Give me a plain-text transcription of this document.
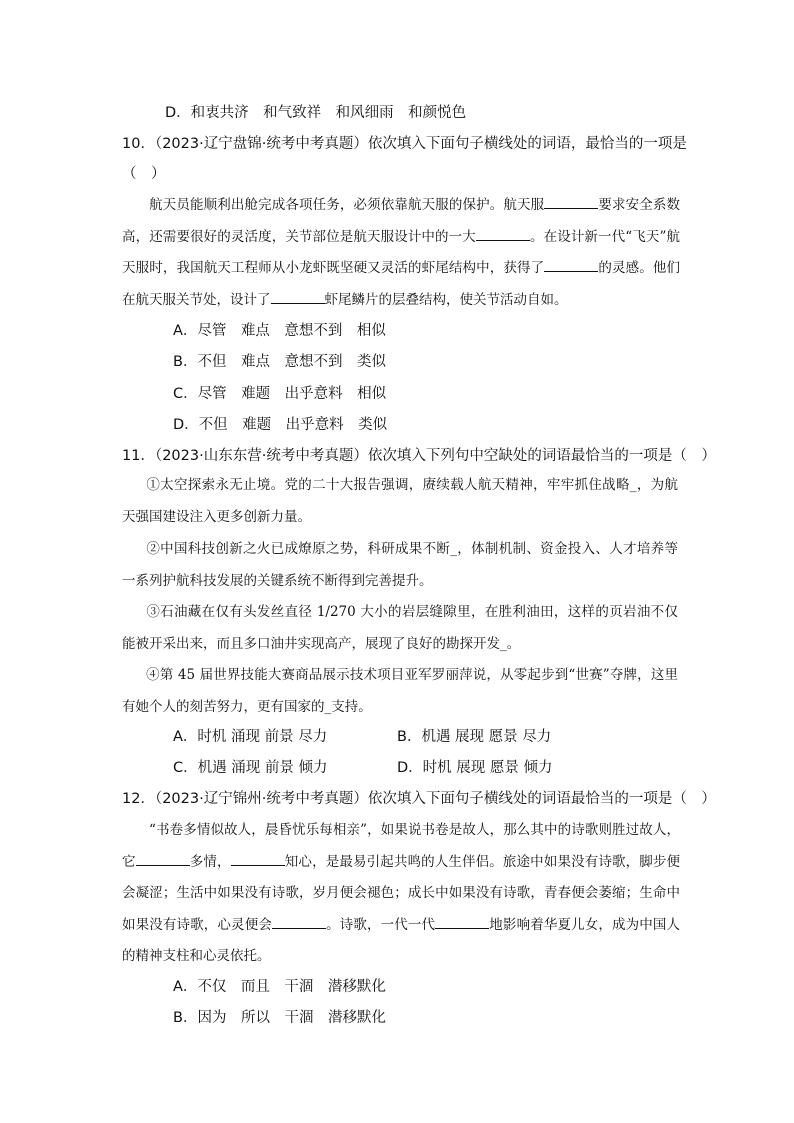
D．和衷共济　和气致祥　和风细雨　和颜悦色
10．（2023·辽宁盘锦·统考中考真题）依次填入下面句子横线处的词语，最恰当的一项是
（　）
航天员能顺利出舱完成各项任务，必须依靠航天服的保护。航天服	要求安全系数高，还需要很好的灵活度，关节部位是航天服设计中的一大	。在设计新一代“飞天”航天服时，我国航天工程师从小龙虾既坚硬又灵活的虾尾结构中，获得了	的灵感。他们在航天服关节处，设计了	虾尾鳞片的层叠结构，使关节活动自如。
A．尽管　难点　意想不到　相似
B．不但　难点　意想不到　类似
C．尽管　难题　出乎意料　相似
D．不但　难题　出乎意料　类似
11．（2023·山东东营·统考中考真题）依次填入下列句中空缺处的词语最恰当的一项是（　）
①太空探索永无止境。党的二十大报告强调，赓续载人航天精神，牢牢抓住战略_，为航天强国建设注入更多创新力量。
②中国科技创新之火已成燎原之势，科研成果不断_，体制机制、资金投入、人才培养等一系列护航科技发展的关键系统不断得到完善提升。
③石油藏在仅有头发丝直径 1/270 大小的岩层缝隙里，在胜利油田，这样的页岩油不仅能被开采出来，而且多口油井实现高产，展现了良好的勘探开发_。
④第 45 届世界技能大赛商品展示技术项目亚军罗丽萍说，从零起步到“世赛”夺牌，这里有她个人的刻苦努力，更有国家的_支持。
A．时机 涌现 前景 尽力	B．机遇 展现 愿景 尽力
C．机遇 涌现 前景 倾力	D．时机 展现 愿景 倾力
12．（2023·辽宁锦州·统考中考真题）依次填入下面句子横线处的词语最恰当的一项是（　）
“书卷多情似故人，晨昏忧乐每相亲”，如果说书卷是故人，那么其中的诗歌则胜过故人，它	多情，	知心，是最易引起共鸣的人生伴侣。旅途中如果没有诗歌，脚步便会凝涩；生活中如果没有诗歌，岁月便会褪色；成长中如果没有诗歌，青春便会萎缩；生命中如果没有诗歌，心灵便会	。诗歌，一代一代	地影响着华夏儿女，成为中国人的精神支柱和心灵依托。
A．不仅　而且　干涸　潜移默化
B．因为　所以　干涸　潜移默化
